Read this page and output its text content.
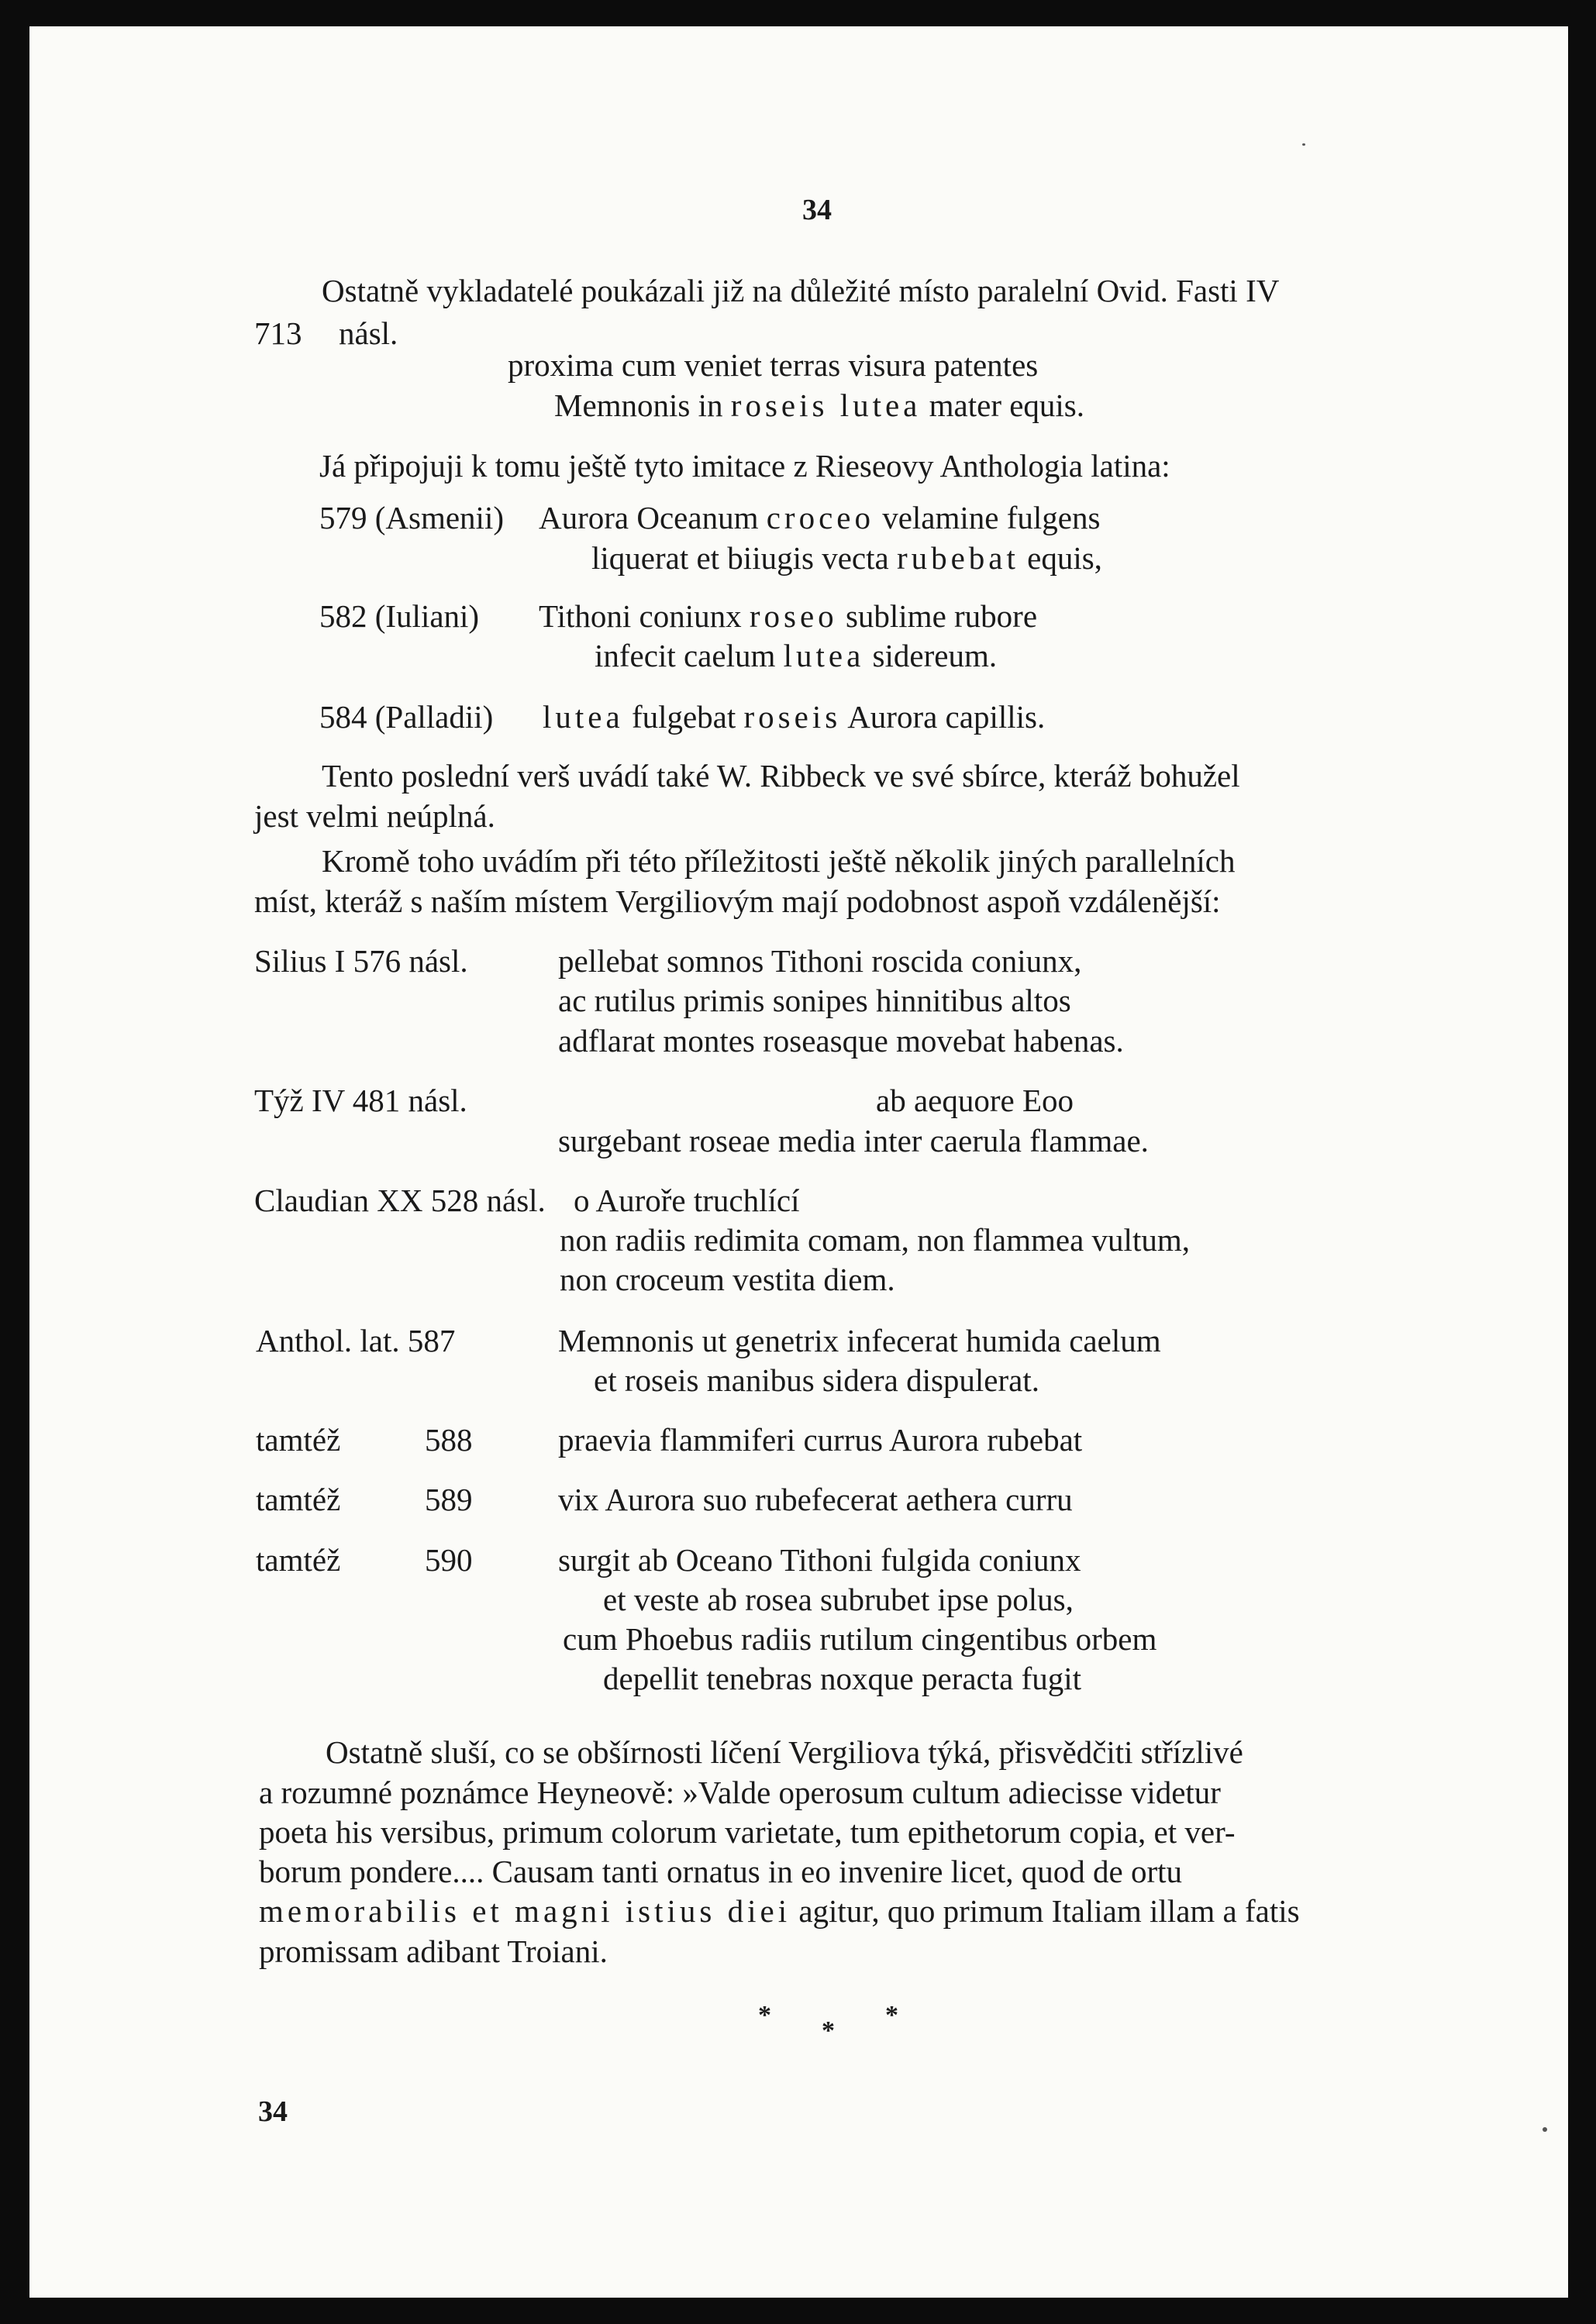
34
Ostatně vykladatelé poukázali již na důležité místo paralelní Ovid. Fasti IV
713 násl.
proxima cum veniet terras visura patentes
Memnonis in roseis lutea mater equis.
Já připojuji k tomu ještě tyto imitace z Rieseovy Anthologia latina:
579 (Asmenii) Aurora Oceanum croceo velamine fulgens
liquerat et biiugis vecta rubebat equis,
582 (Iuliani) Tithoni coniunx roseo sublime rubore
infecit caelum lutea sidereum.
584 (Palladii) lutea fulgebat roseis Aurora capillis.
Tento poslední verš uvádí také W. Ribbeck ve své sbírce, kteráž bohužel
jest velmi neúplná.
Kromě toho uvádím při této příležitosti ještě několik jiných parallelních
míst, kteráž s naším místem Vergiliovým mají podobnost aspoň vzdálenější:
Silius I 576 násl.	pellebat somnos Tithoni roscida coniunx,
ac rutilus primis sonipes hinnitibus altos
adflarat montes roseasque movebat habenas.
Týž IV 481 násl.	ab aequore Eoo
surgebant roseae media inter caerula flammae.
Claudian XX 528 násl. o Auroře truchlící
non radiis redimita comam, non flammea vultum,
non croceum vestita diem.
Anthol. lat. 587	Memnonis ut genetrix infecerat humida caelum
et roseis manibus sidera dispulerat.
tamtéž	588	praevia flammiferi currus Aurora rubebat
tamtéž	589	vix Aurora suo rubefecerat aethera curru
tamtéž	590	surgit ab Oceano Tithoni fulgida coniunx
et veste ab rosea subrubet ipse polus,
cum Phoebus radiis rutilum cingentibus orbem
depellit tenebras noxque peracta fugit
Ostatně sluší, co se obšírnosti líčení Vergiliova týká, přisvědčiti střízlivé
a rozumné poznámce Heyneově: »Valde operosum cultum adiecisse videtur
poeta his versibus, primum colorum varietate, tum epithetorum copia, et ver-
borum pondere.... Causam tanti ornatus in eo invenire licet, quod de ortu
memorabilis et magni istius diei agitur, quo primum Italiam illam a fatis
promissam adibant Troiani.
*
*
*
34
